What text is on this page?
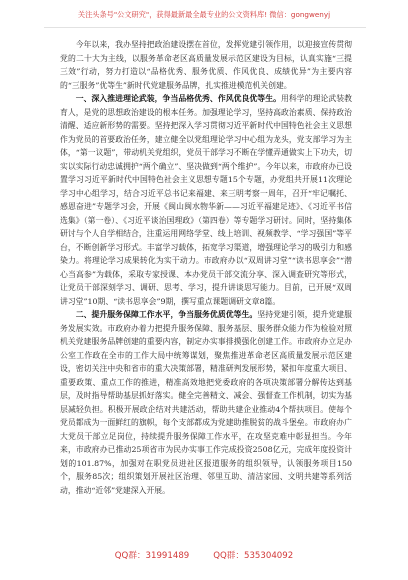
关注头条号"公文研究"，获得最新最全最专业的公文资料库! 微信：gongwenyj

今年以来，我办坚持把政治建设摆在首位，发挥党建引领作用，以迎接宣传贯彻党的二十大为主线，以服务革命老区高质量发展示范区建设为目标，认真实施“三提三效”行动，努力打造以“品格优秀、服务优质、作风优良、成绩优异”为主要内容的“三服务”优等生”新时代党建服务品牌，扎实推进模范机关创建。

一、深入推进理论武装，争当品格优秀、作风优良优等生。用科学的理论武装教育人，是党的思想政治建设的根本任务。加强理论学习，坚持高政治素质、保持政治清醒、适应新形势的需要。坚持把深入学习贯彻习近平新时代中国特色社会主义思想作为党员的首要政治任务，建立健全以党组理论学习中心组为龙头，党支部学习为主体，“第一议题”，带动机关党组织，党员干部学习不断在学懂弄通做实上下功夫，切实以实际行动忠诚拥护“两个确立”、坚决做到“两个维护”。今年以来，市政府办已设置学习习近平新时代中国特色社会主义思想专题15个专题，办党组共开展11次理论学习中心组学习，结合习近平总书记来福建、来三明考察一周年，召开“牢记嘱托、感恩奋进”专题学习会，开展《闽山闽水物华新——习近平福建足迹》、《习近平书信选集》（第一卷）、《习近平谈治国理政》（第四卷）等专题学习研讨。同时，坚持集体研讨与个人自学相结合，注重运用网络学堂、线上培训、视频教学、“学习强国”等平台，不断创新学习形式。丰富学习载体，拓宽学习渠道，增强理论学习的吸引力和感染力。将理论学习成果转化为实干动力。市政府办以“双周讲习堂”“读书思享会”“潜心当高参”为载体，采取专家授课、本办党员干部交流分享、深入调查研究等形式，让党员干部深刻学习、调研、思考、学习，提升讲谈思写能力。目前，已开展“双周讲习堂”10期、“读书思享会”9期，撰写重点课题调研文章8篇。

二、提升服务保障工作水平，争当服务优质优等生。坚持党建引领，提升党建服务发展实效。市政府办着力把提升服务保障、服务基层、服务群众能力作为检验对照机关党建服务品牌创建的重要内容，制定办实事排摸强化创建工作。市政府办立足办公室工作政在全市的工作大局中统筹谋划，聚焦推进革命老区高质量发展示范区建设，密切关注中央和省市的重大决策部署，精准研判发展形势，紧扣年度重大项目、重要政策、重点工作的推进，精准高效地把党委政府的各项决策部署分解传达到基层，及时指导帮助基层抓好落实。健全完善精文、减会、强督查工作机制，切实为基层减轻负担。积极开展政企结对共建活动，帮助共建企业推动4个帮扶项目。使每个党员都成为一面鲜红的旗帜，每个支部都成为党建助推脱贫的战斗堡垒。市政府办广大党员干部立足岗位，持续提升服务保障工作水平，在攻坚克难中彰显担当。今年来，市政府办已推动25项省市为民办实事工作完成投资2508亿元，完成年度投资计划的101.87%，加强对在职党员进社区报道服务的组织领导，认领服务项目150个，服务85次；组织策划开展社区治理、邻里互助、清洁家园、文明共建等系列活动，推动“近邻”党建深入开展。

QQ群：31991489	QQ群：535304092
